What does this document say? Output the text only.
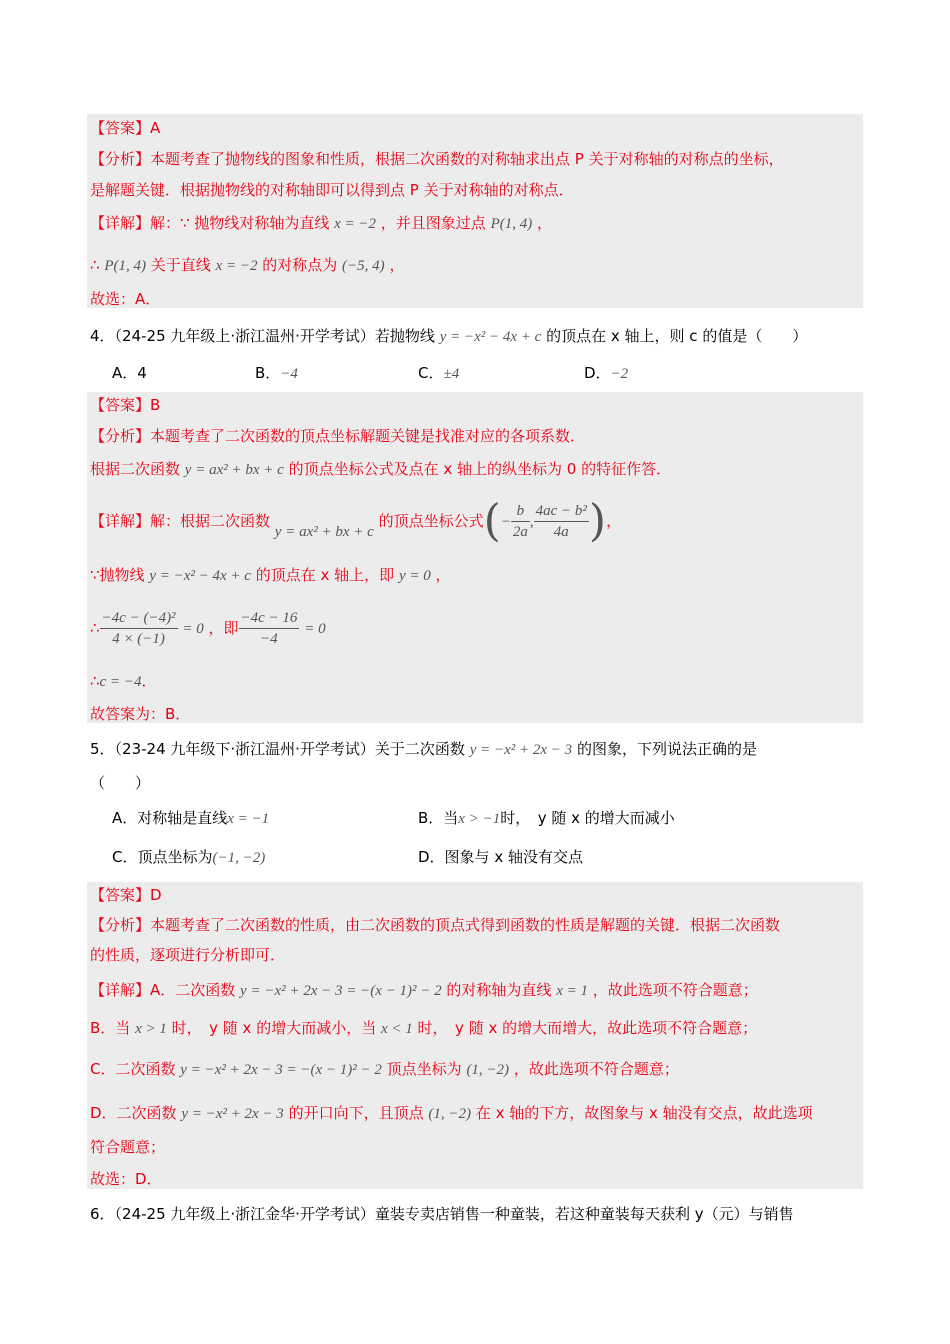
【答案】A
【分析】本题考查了抛物线的图象和性质，根据二次函数的对称轴求出点 P 关于对称轴的对称点的坐标，
是解题关键．根据抛物线的对称轴即可以得到点 P 关于对称轴的对称点．
【详解】解：∵ 抛物线对称轴为直线 x = −2 ，并且图象过点 P(1, 4) ，
∴ P(1, 4) 关于直线 x = −2 的对称点为 (−5, 4) ，
故选：A．
4．（24-25 九年级上·浙江温州·开学考试）若抛物线 y = −x² − 4x + c 的顶点在 x 轴上，则 c 的值是（　　）
A．4	B．−4	C．±4	D．−2
【答案】B
【分析】本题考查了二次函数的顶点坐标解题关键是找准对应的各项系数．
根据二次函数 y = ax² + bx + c 的顶点坐标公式及点在 x 轴上的纵坐标为 0 的特征作答．
【详解】解：根据二次函数 y = ax² + bx + c 的顶点坐标公式(− $\frac{b}{2a}$ , $\frac{\text{4ac − b²}}{4a}$ )，
∵抛物线 y = −x² − 4x + c 的顶点在 x 轴上，即 y = 0 ，
∴ $\frac{\text{−4c − (−4)²}}{4 \times (-1)} = 0$ ，即 $\frac{-4c - 16}{-4} = 0$
∴c = −4．
故答案为：B．
5．（23-24 九年级下·浙江温州·开学考试）关于二次函数 y = −x² + 2x − 3 的图象，下列说法正确的是
（　　）
A．对称轴是直线x = −1	B．当x > −1时，　y 随 x 的增大而减小
C．顶点坐标为(−1, −2)	D．图象与 x 轴没有交点
【答案】D
【分析】本题考查了二次函数的性质，由二次函数的顶点式得到函数的性质是解题的关键．根据二次函数
的性质，逐项进行分析即可．
【详解】A．二次函数 y = −x² + 2x − 3 = −(x − 1)² − 2 的对称轴为直线 x = 1 ，故此选项不符合题意；
B．当 x > 1 时，　y 随 x 的增大而减小，当 x < 1 时，　y 随 x 的增大而增大，故此选项不符合题意；
C．二次函数 y = −x² + 2x − 3 = −(x − 1)² − 2 顶点坐标为 (1, −2) ，故此选项不符合题意；
D．二次函数 y = −x² + 2x − 3 的开口向下，且顶点 (1, −2) 在 x 轴的下方，故图象与 x 轴没有交点，故此选项
符合题意；
故选：D．
6．（24-25 九年级上·浙江金华·开学考试）童装专卖店销售一种童装，若这种童装每天获利 y（元）与销售
